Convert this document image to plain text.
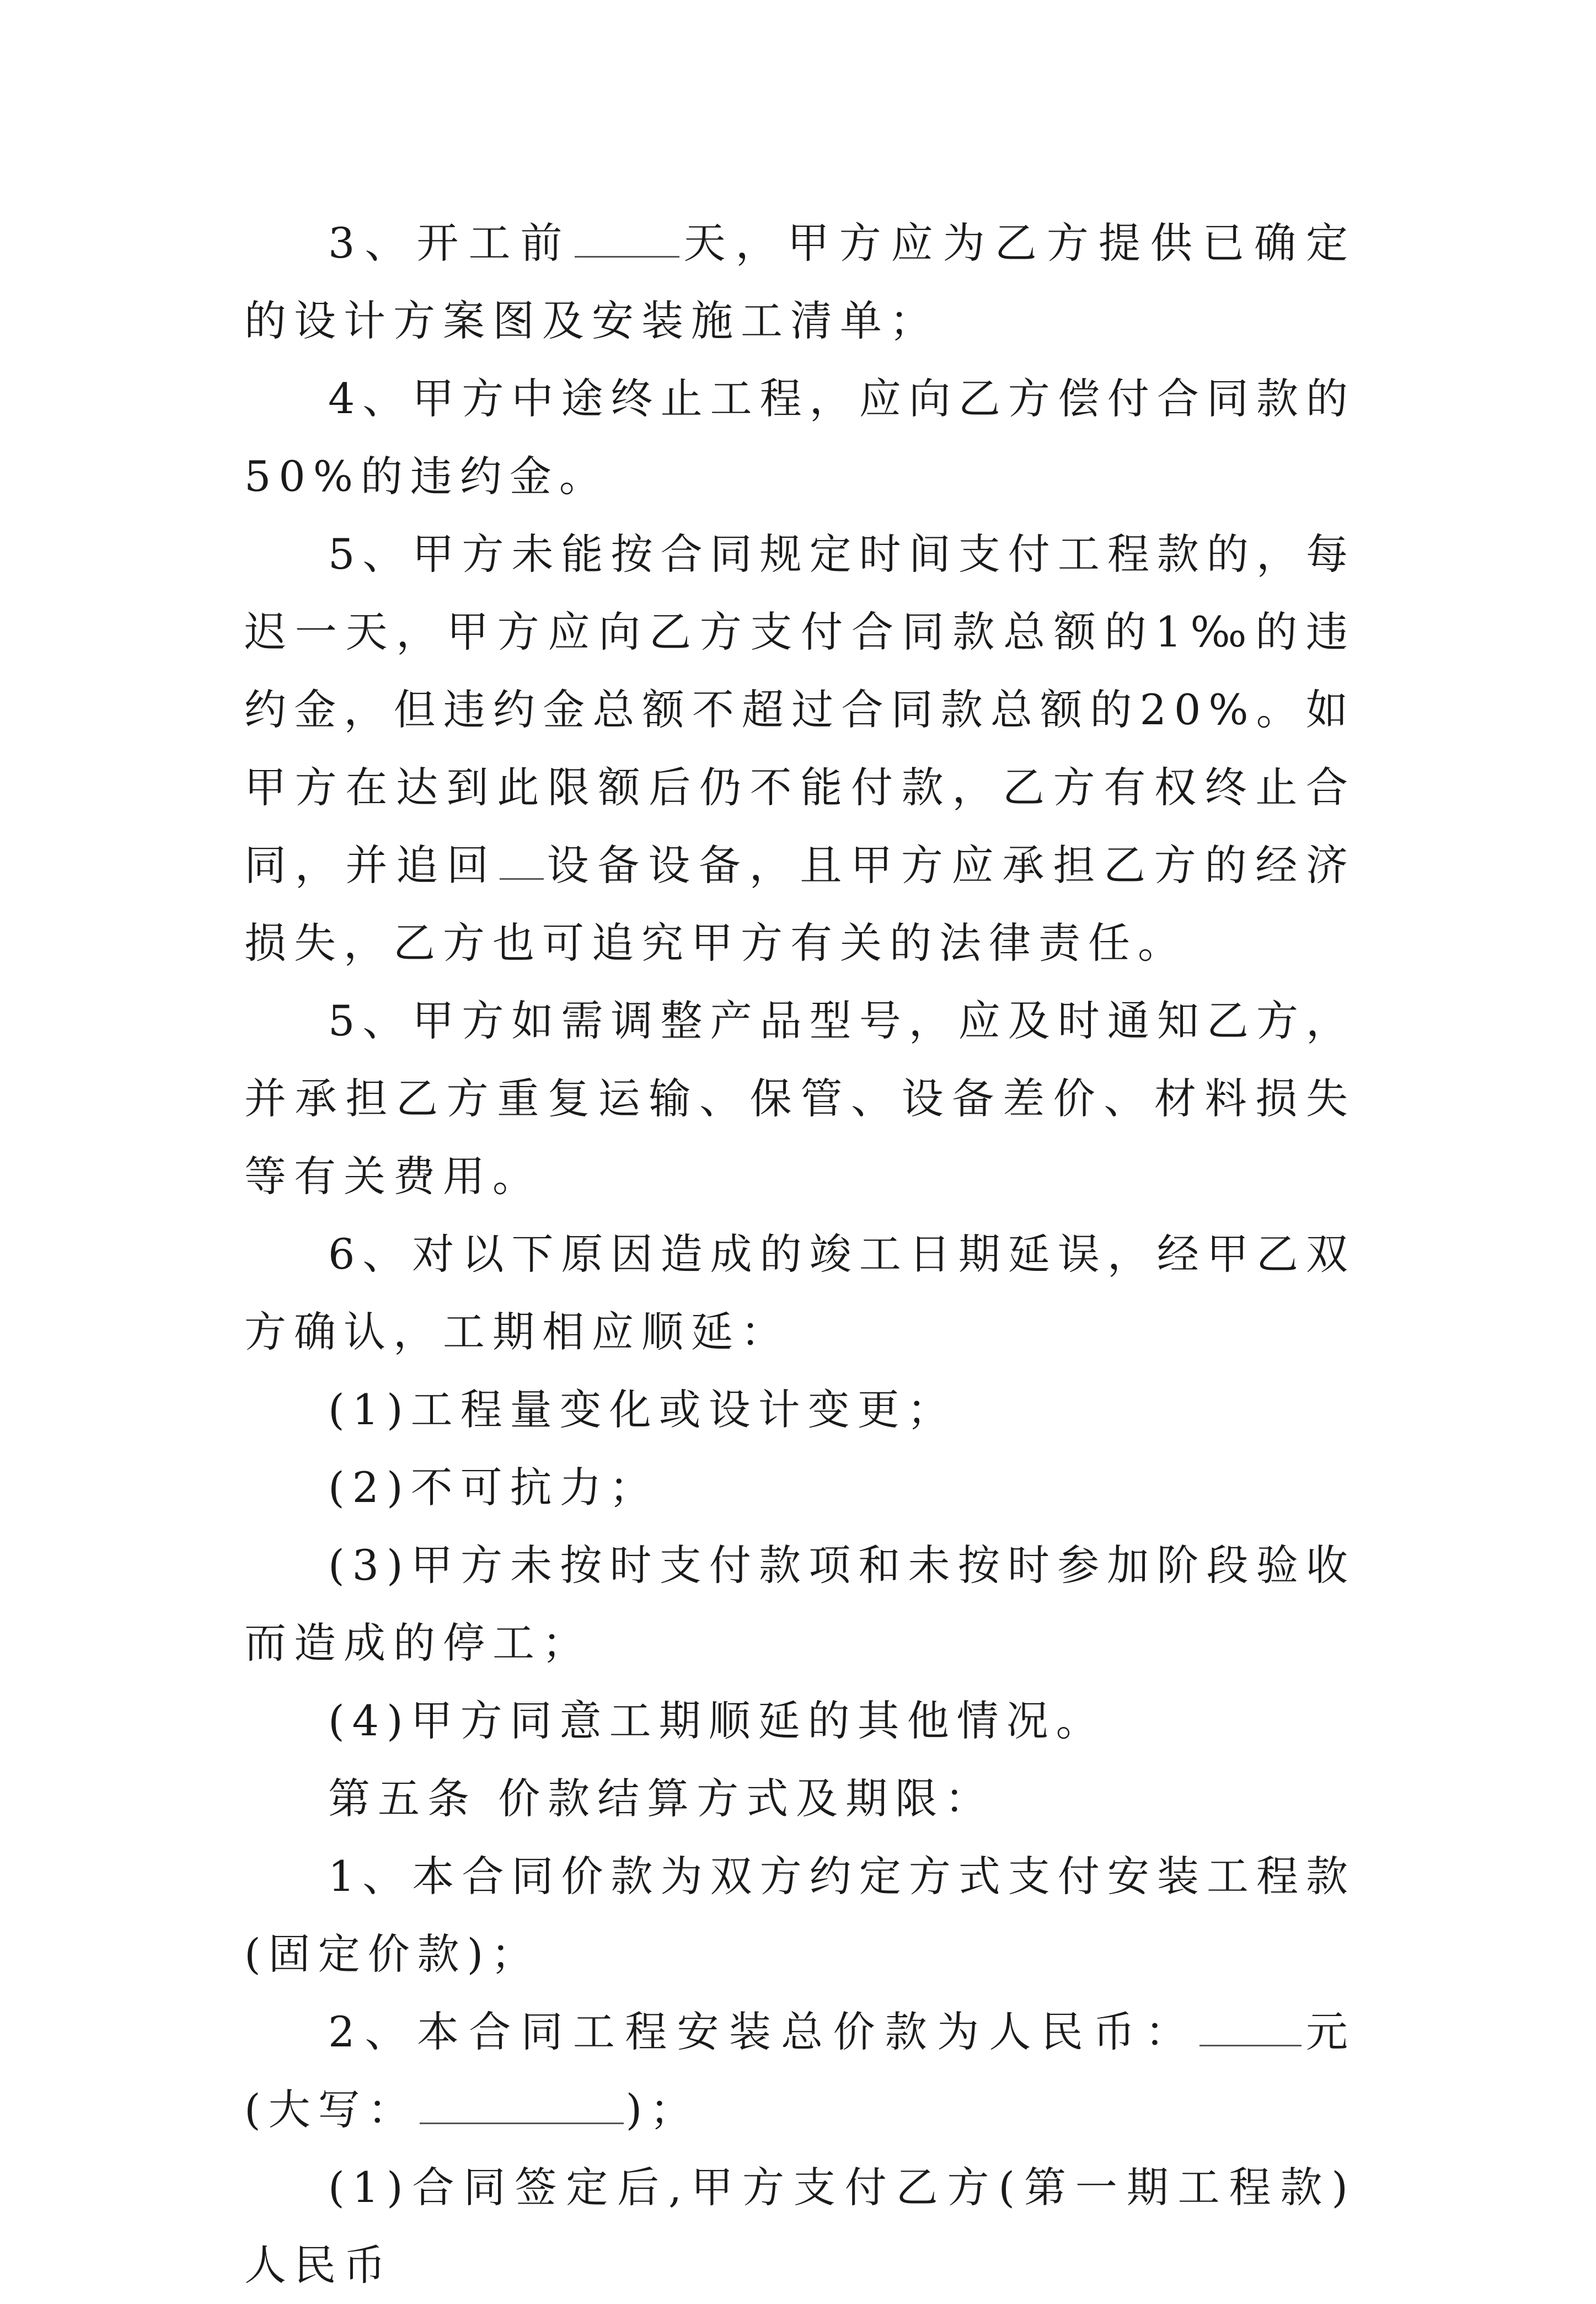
3、开工前	天，甲方应为乙方提供已确定的设计方案图及安装施工清单；

4、甲方中途终止工程，应向乙方偿付合同款的50%的违约金。

5、甲方未能按合同规定时间支付工程款的，每迟一天，甲方应向乙方支付合同款总额的1‰的违约金，但违约金总额不超过合同款总额的20%。如甲方在达到此限额后仍不能付款，乙方有权终止合同，并追回 设备设备，且甲方应承担乙方的经济损失，乙方也可追究甲方有关的法律责任。

5、甲方如需调整产品型号，应及时通知乙方，并承担乙方重复运输、保管、设备差价、材料损失等有关费用。

6、对以下原因造成的竣工日期延误，经甲乙双方确认，工期相应顺延：

(1)工程量变化或设计变更；

(2)不可抗力；

(3)甲方未按时支付款项和未按时参加阶段验收而造成的停工；

(4)甲方同意工期顺延的其他情况。

第五条 价款结算方式及期限：

1、本合同价款为双方约定方式支付安装工程款(固定价款)；

2、本合同工程安装总价款为人民币：	元(大写：	)；

(1)合同签定后,甲方支付乙方(第一期工程款)人民币
